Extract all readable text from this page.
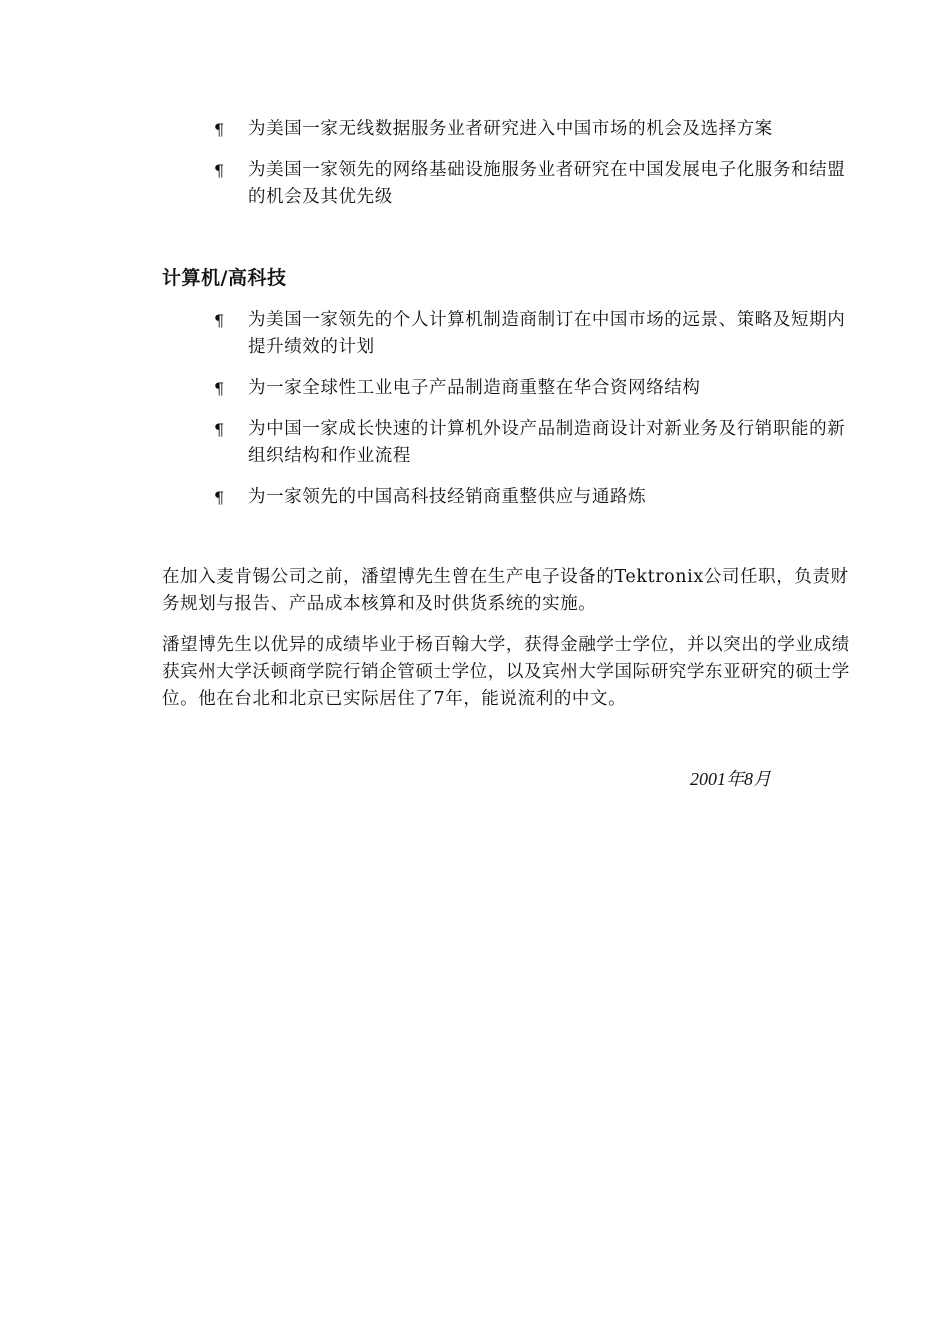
¶ 为美国一家无线数据服务业者研究进入中国市场的机会及选择方案
¶ 为美国一家领先的网络基础设施服务业者研究在中国发展电子化服务和结盟的机会及其优先级
计算机/高科技
¶ 为美国一家领先的个人计算机制造商制订在中国市场的远景、策略及短期内提升绩效的计划
¶ 为一家全球性工业电子产品制造商重整在华合资网络结构
¶ 为中国一家成长快速的计算机外设产品制造商设计对新业务及行销职能的新组织结构和作业流程
¶ 为一家领先的中国高科技经销商重整供应与通路炼

在加入麦肯锡公司之前，潘望博先生曾在生产电子设备的Tektronix公司任职，负责财务规划与报告、产品成本核算和及时供货系统的实施。

潘望博先生以优异的成绩毕业于杨百翰大学，获得金融学士学位，并以突出的学业成绩获宾州大学沃顿商学院行销企管硕士学位，以及宾州大学国际研究学东亚研究的硕士学位。他在台北和北京已实际居住了7年，能说流利的中文。

2001年8月
